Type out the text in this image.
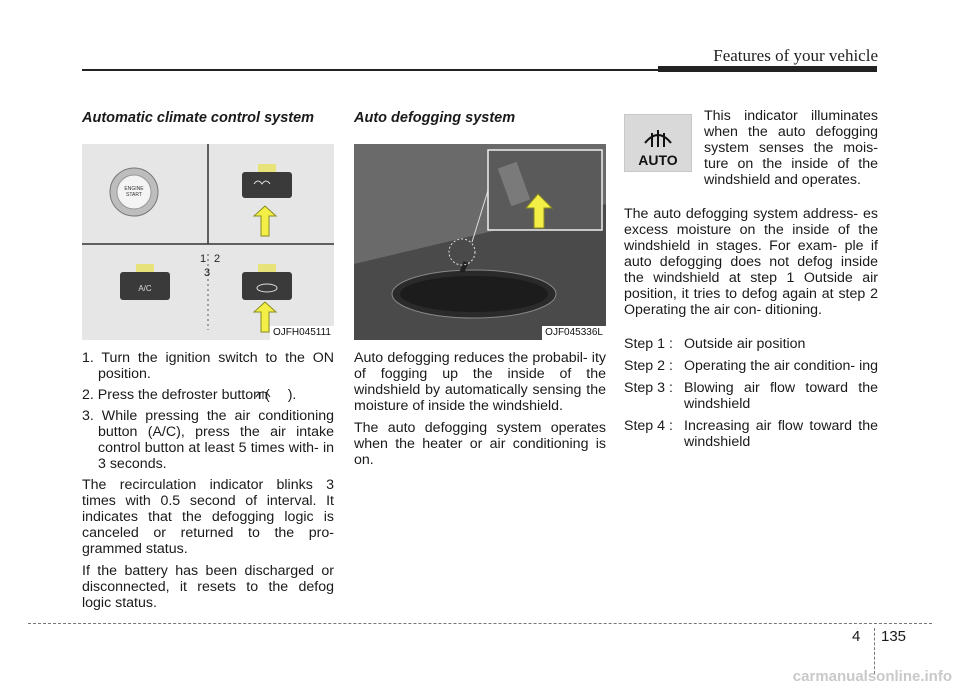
Features of your vehicle
Automatic climate control system
ENGINE
START
A/C
1 2
3
OJFH045111

1. Turn the ignition switch to the ON position.

2. Press the defroster button ( ).

3. While pressing the air conditioning button (A/C), press the air intake control button at least 5 times with- in 3 seconds.

The recirculation indicator blinks 3 times with 0.5 second of interval. It indicates that the defogging logic is canceled or returned to the pro- grammed status.

If the battery has been discharged or disconnected, it resets to the defog logic status.

Auto defogging system
OJF045336L

Auto defogging reduces the probabil- ity of fogging up the inside of the windshield by automatically sensing the moisture of inside the windshield.

The auto defogging system operates when the heater or air conditioning is on.

AUTO

This indicator illuminates when the auto defogging system senses the mois- ture on the inside of the windshield and operates.

The auto defogging system address- es excess moisture on the inside of the windshield in stages. For exam- ple if auto defogging does not defog inside the windshield at step 1 Outside air position, it tries to defog again at step 2 Operating the air con- ditioning.

Step 1 : Outside air position
Step 2 : Operating the air condition- ing
Step 3 : Blowing air flow toward the windshield
Step 4 : Increasing air flow toward the windshield
4 135
carmanualsonline.info
